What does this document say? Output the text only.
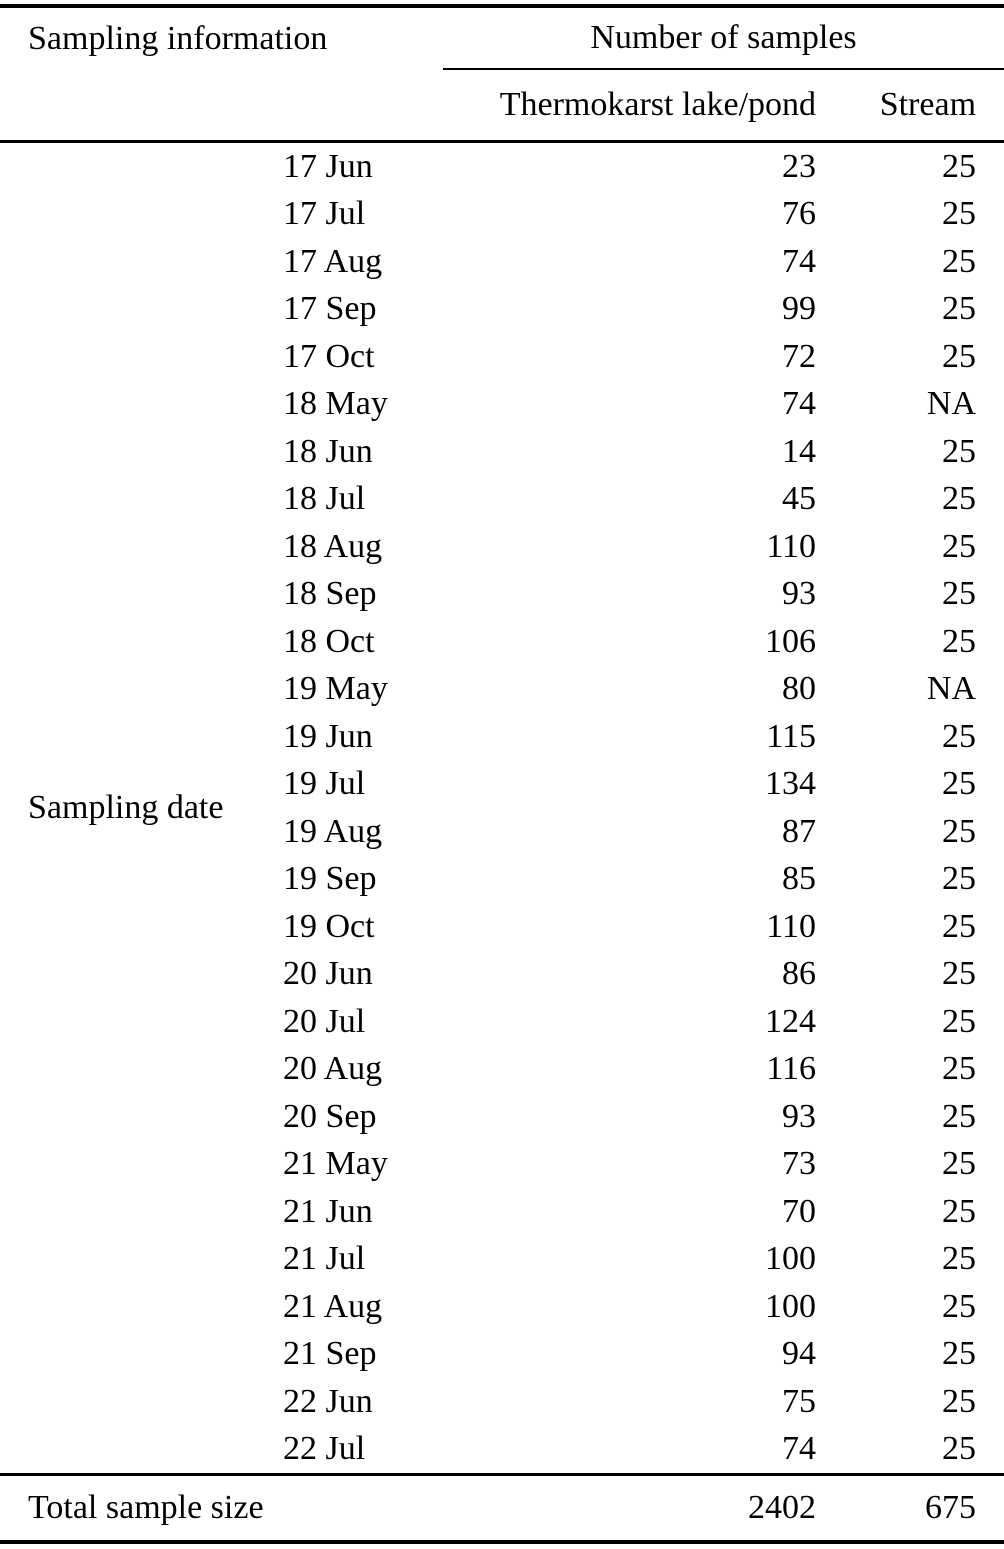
Sampling information		Number of samples	
		Thermokarst lake/pond	Stream
Sampling date	17 Jun	23	25
	17 Jul	76	25
	17 Aug	74	25
	17 Sep	99	25
	17 Oct	72	25
	18 May	74	NA
	18 Jun	14	25
	18 Jul	45	25
	18 Aug	110	25
	18 Sep	93	25
	18 Oct	106	25
	19 May	80	NA
	19 Jun	115	25
	19 Jul	134	25
	19 Aug	87	25
	19 Sep	85	25
	19 Oct	110	25
	20 Jun	86	25
	20 Jul	124	25
	20 Aug	116	25
	20 Sep	93	25
	21 May	73	25
	21 Jun	70	25
	21 Jul	100	25
	21 Aug	100	25
	21 Sep	94	25
	22 Jun	75	25
	22 Jul	74	25
Total sample size		2402	675
